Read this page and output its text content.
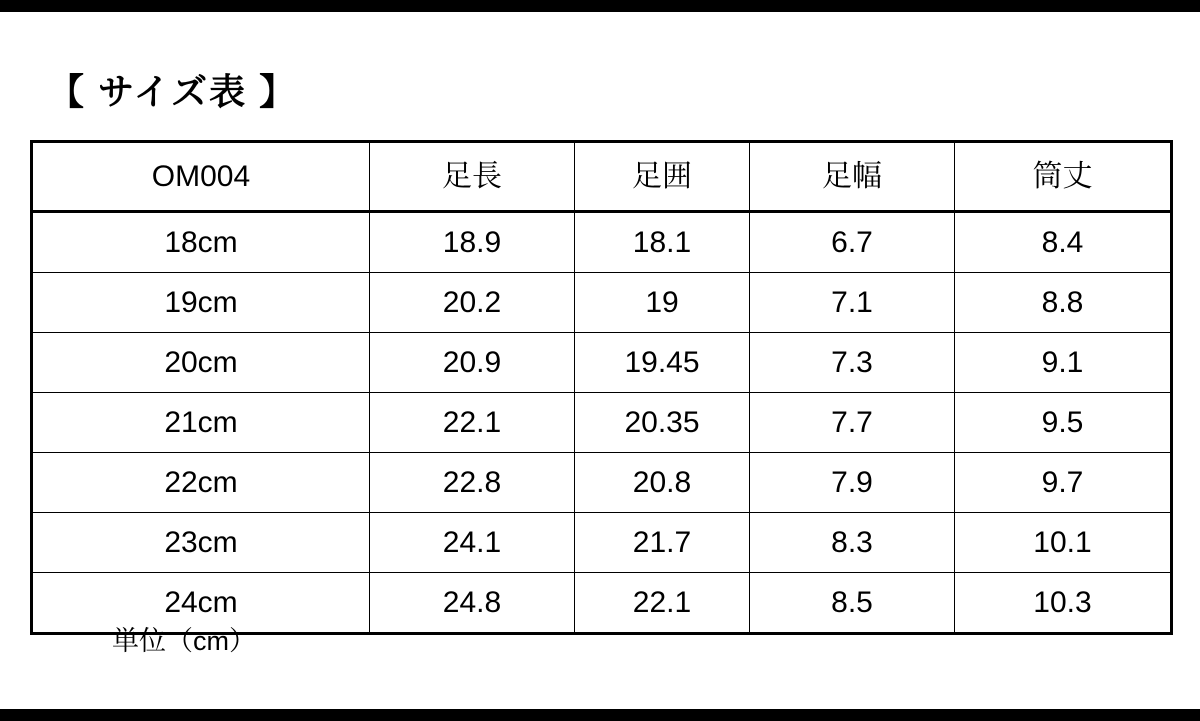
【 サイズ表 】
OM004	足長	足囲	足幅	筒丈
18cm	18.9	18.1	6.7	8.4
19cm	20.2	19	7.1	8.8
20cm	20.9	19.45	7.3	9.1
21cm	22.1	20.35	7.7	9.5
22cm	22.8	20.8	7.9	9.7
23cm	24.1	21.7	8.3	10.1
24cm	24.8	22.1	8.5	10.3
単位（cm）
